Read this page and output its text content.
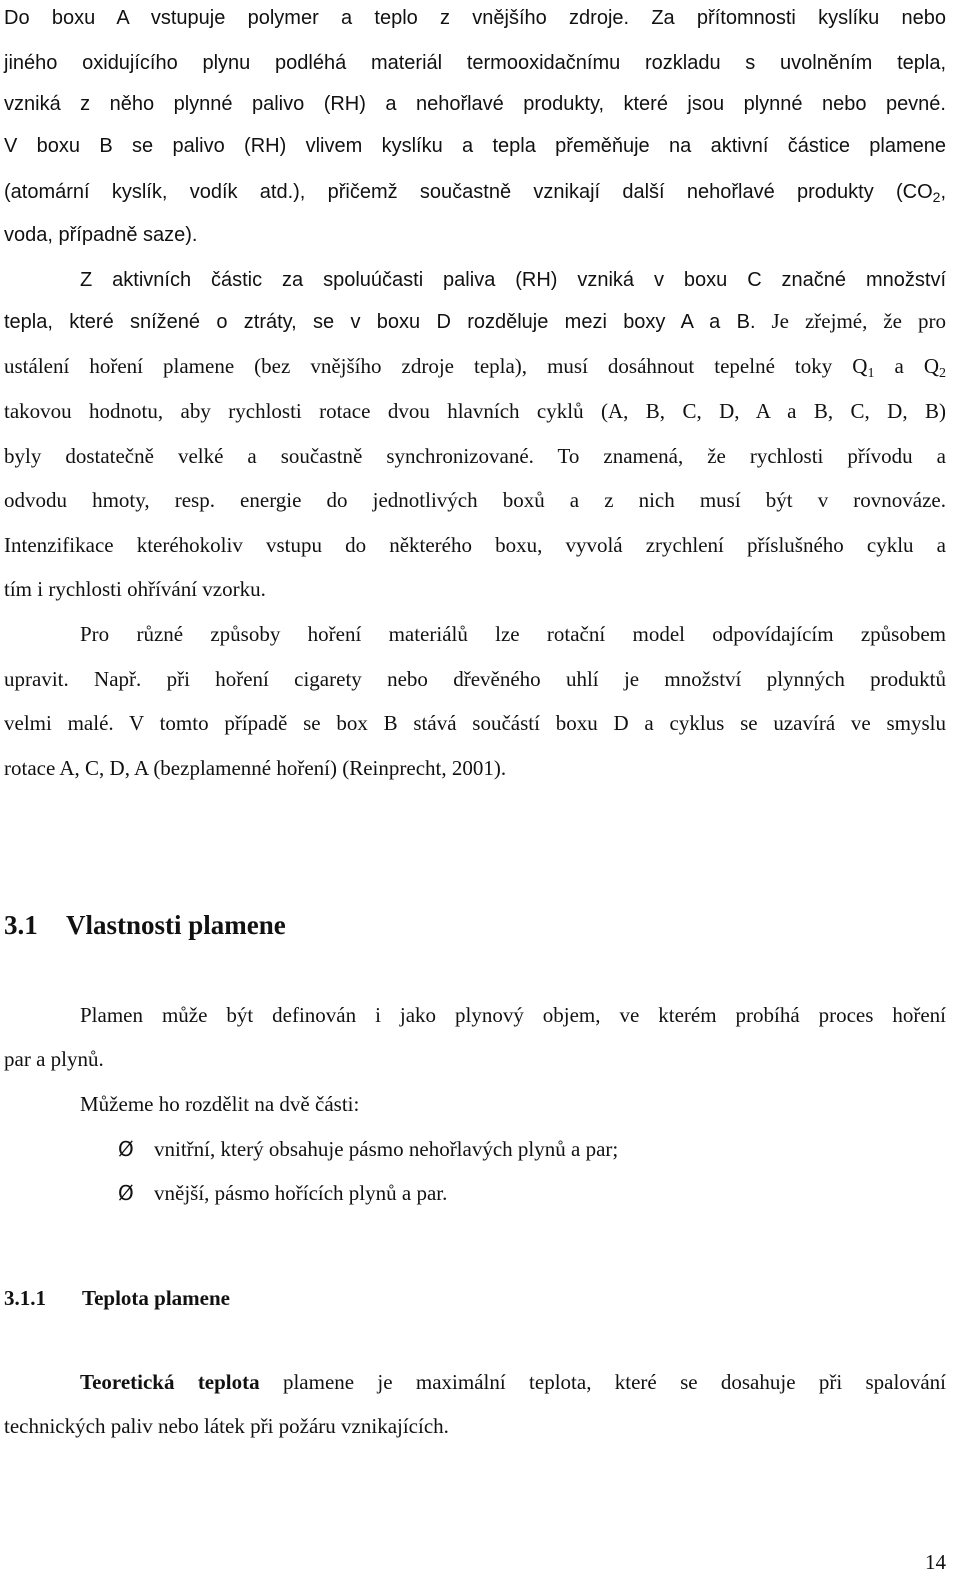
Do boxu A vstupuje polymer a teplo z vnějšího zdroje. Za přítomnosti kyslíku nebo
jiného oxidujícího plynu podléhá materiál termooxidačnímu rozkladu s uvolněním tepla,
vzniká z něho plynné palivo (RH) a nehořlavé produkty, které jsou plynné nebo pevné.
V boxu B se palivo (RH) vlivem kyslíku a tepla přeměňuje na aktivní částice plamene
(atomární kyslík, vodík atd.), přičemž součastně vznikají další nehořlavé produkty ($CO_2$,
voda, případně saze).
Z aktivních částic za spoluúčasti paliva (RH) vzniká v boxu C značné množství
tepla, které snížené o ztráty, se v boxu D rozděluje mezi boxy A a B. Je zřejmé, že pro
ustálení hoření plamene (bez vnějšího zdroje tepla), musí dosáhnout tepelné toky $Q_1$ a $Q_2$
takovou hodnotu, aby rychlosti rotace dvou hlavních cyklů (A, B, C, D, A a B, C, D, B)
byly dostatečně velké a součastně synchronizované. To znamená, že rychlosti přívodu a
odvodu hmoty, resp. energie do jednotlivých boxů a z nich musí být v rovnováze.
Intenzifikace kteréhokoliv vstupu do některého boxu, vyvolá zrychlení příslušného cyklu a
tím i rychlosti ohřívání vzorku.
Pro různé způsoby hoření materiálů lze rotační model odpovídajícím způsobem
upravit. Např. při hoření cigarety nebo dřevěného uhlí je množství plynných produktů
velmi malé. V tomto případě se box B stává součástí boxu D a cyklus se uzavírá ve smyslu
rotace A, C, D, A (bezplamenné hoření) (Reinprecht, 2001).
3.1 Vlastnosti plamene
Plamen může být definován i jako plynový objem, ve kterém probíhá proces hoření
par a plynů.
Můžeme ho rozdělit na dvě části:
Ø vnitřní, který obsahuje pásmo nehořlavých plynů a par;
Ø vnější, pásmo hořících plynů a par.
3.1.1 Teplota plamene
Teoretická teplota plamene je maximální teplota, které se dosahuje při spalování
technických paliv nebo látek při požáru vznikajících.
14
